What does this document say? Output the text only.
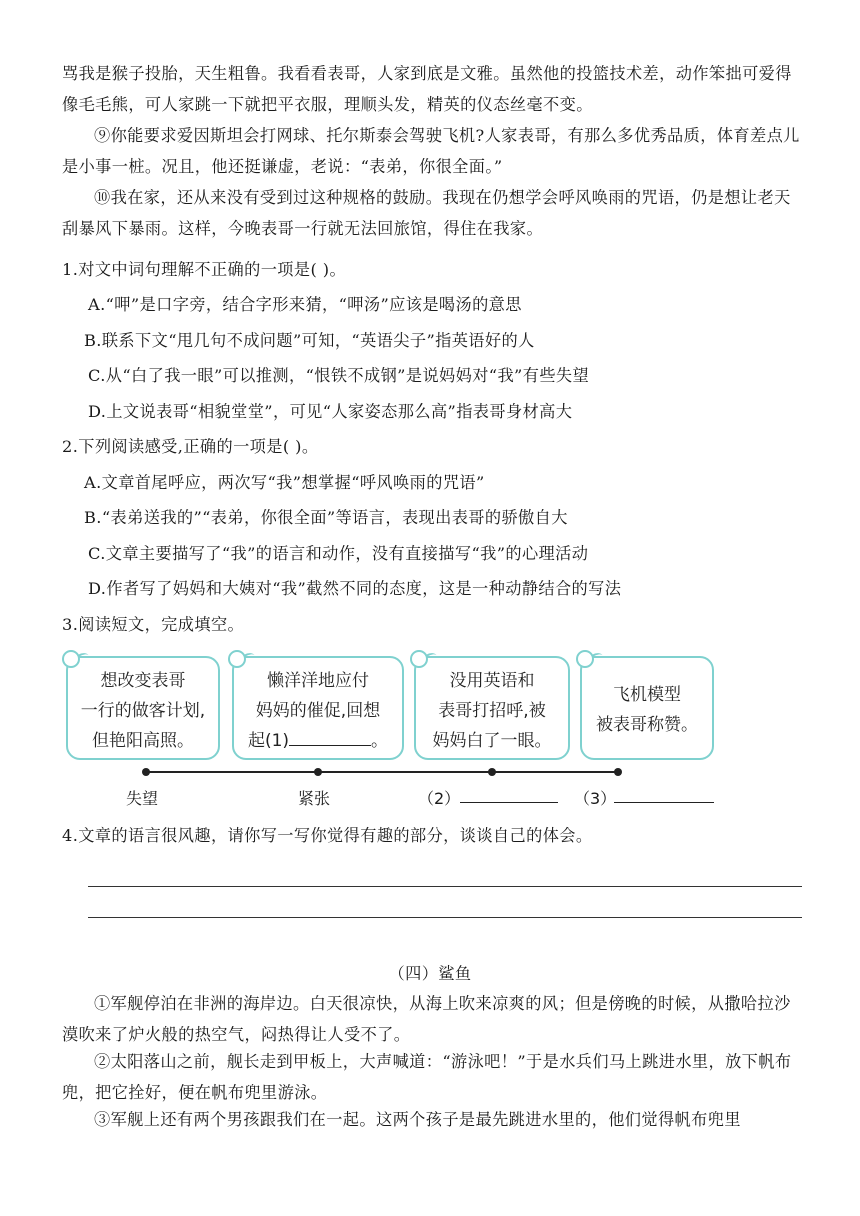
骂我是猴子投胎，天生粗鲁。我看看表哥，人家到底是文雅。虽然他的投篮技术差，动作笨拙可爱得像毛毛熊，可人家跳一下就把平衣服，理顺头发，精英的仪态丝毫不变。

⑨你能要求爱因斯坦会打网球、托尔斯泰会驾驶飞机?人家表哥，有那么多优秀品质，体育差点儿是小事一桩。况且，他还挺谦虚，老说：“表弟，你很全面。”

⑩我在家，还从来没有受到过这种规格的鼓励。我现在仍想学会呼风唤雨的咒语，仍是想让老天刮暴风下暴雨。这样，今晚表哥一行就无法回旅馆，得住在我家。

1.对文中词句理解不正确的一项是( )。

A.“呷”是口字旁，结合字形来猜，“呷汤”应该是喝汤的意思

B.联系下文“甩几句不成问题”可知，“英语尖子”指英语好的人

C.从“白了我一眼”可以推测，“恨铁不成钢”是说妈妈对“我”有些失望

D.上文说表哥“相貌堂堂”，可见“人家姿态那么高”指表哥身材高大

2.下列阅读感受,正确的一项是( )。

A.文章首尾呼应，两次写“我”想掌握“呼风唤雨的咒语”

B.“表弟送我的”“表弟，你很全面”等语言，表现出表哥的骄傲自大

C.文章主要描写了“我”的语言和动作，没有直接描写“我”的心理活动

D.作者写了妈妈和大姨对“我”截然不同的态度，这是一种动静结合的写法

3.阅读短文，完成填空。

想改变表哥
一行的做客计划,
但艳阳高照。
懒洋洋地应付
妈妈的催促,回想
起(1)	。
没用英语和
表哥打招呼,被
妈妈白了一眼。
飞机模型
被表哥称赞。
失望	紧张	（2）	（3）

4.文章的语言很风趣，请你写一写你觉得有趣的部分，谈谈自己的体会。

（四）鲨鱼

①军舰停泊在非洲的海岸边。白天很凉快，从海上吹来凉爽的风；但是傍晚的时候，从撒哈拉沙漠吹来了炉火般的热空气，闷热得让人受不了。

②太阳落山之前，舰长走到甲板上，大声喊道：“游泳吧！”于是水兵们马上跳进水里，放下帆布兜，把它拴好，便在帆布兜里游泳。

③军舰上还有两个男孩跟我们在一起。这两个孩子是最先跳进水里的，他们觉得帆布兜里
